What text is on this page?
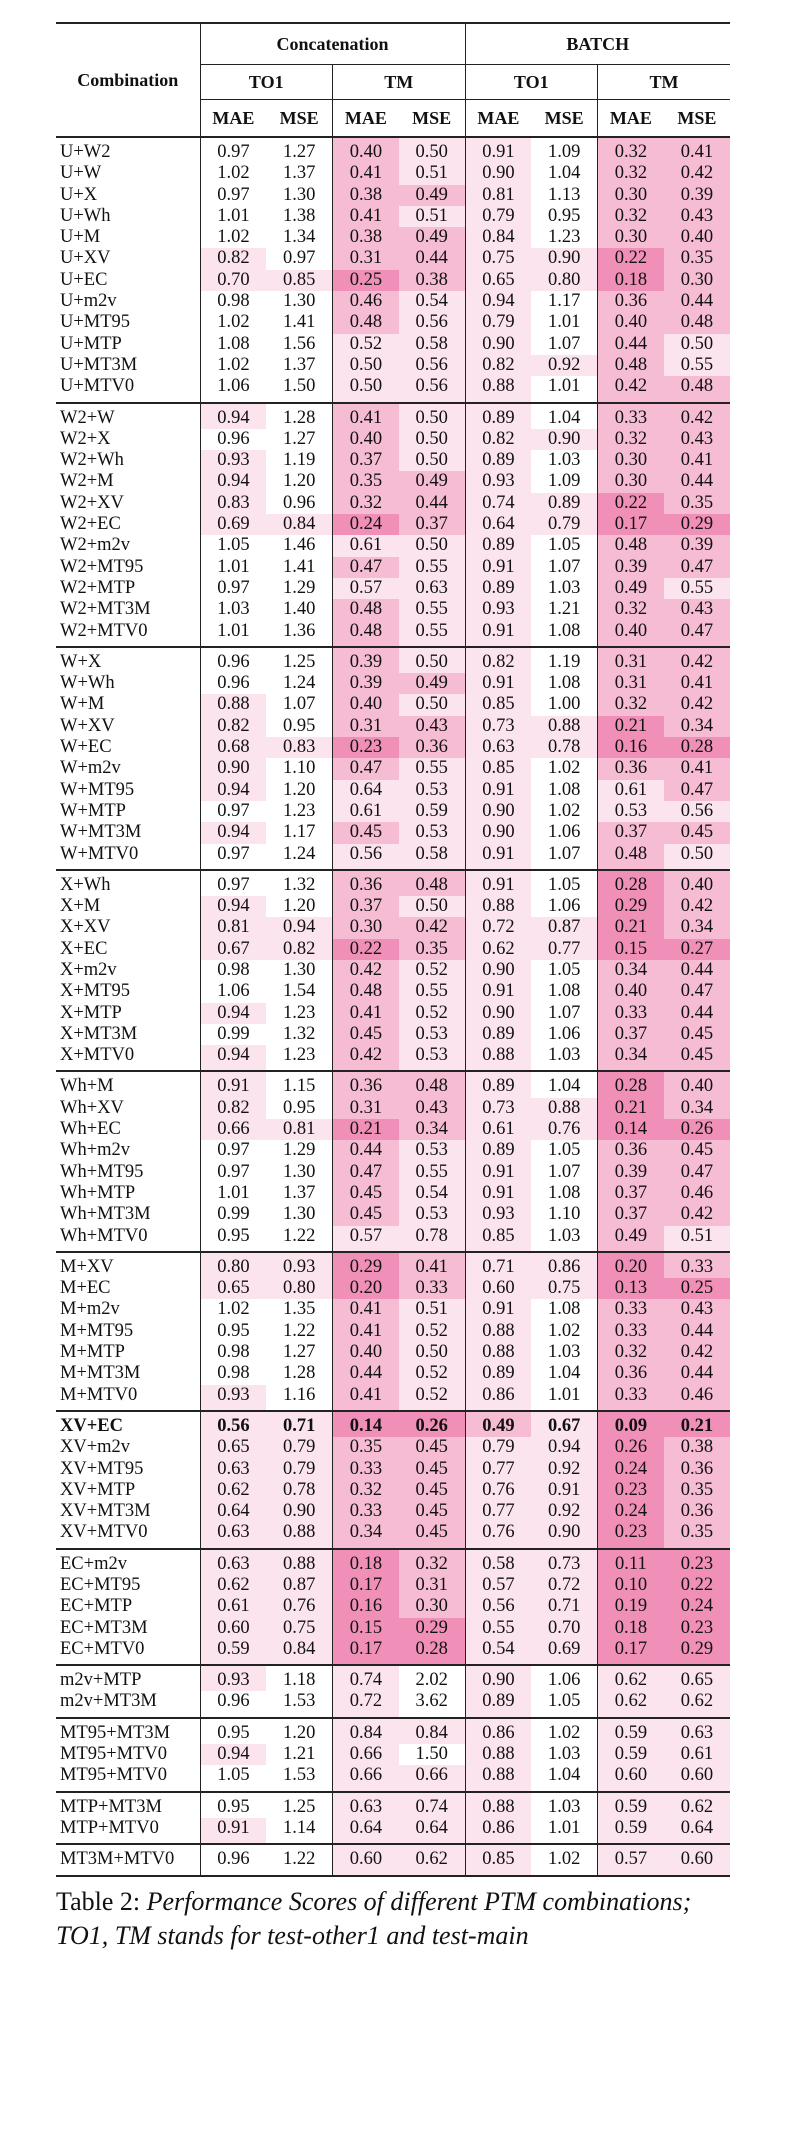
Combination	Concatenation				BATCH			
	TO1		TM		TO1		TM	
	MAE	MSE	MAE	MSE	MAE	MSE	MAE	MSE
U+W2	0.97	1.27	0.40	0.50	0.91	1.09	0.32	0.41
U+W	1.02	1.37	0.41	0.51	0.90	1.04	0.32	0.42
U+X	0.97	1.30	0.38	0.49	0.81	1.13	0.30	0.39
U+Wh	1.01	1.38	0.41	0.51	0.79	0.95	0.32	0.43
U+M	1.02	1.34	0.38	0.49	0.84	1.23	0.30	0.40
U+XV	0.82	0.97	0.31	0.44	0.75	0.90	0.22	0.35
U+EC	0.70	0.85	0.25	0.38	0.65	0.80	0.18	0.30
U+m2v	0.98	1.30	0.46	0.54	0.94	1.17	0.36	0.44
U+MT95	1.02	1.41	0.48	0.56	0.79	1.01	0.40	0.48
U+MTP	1.08	1.56	0.52	0.58	0.90	1.07	0.44	0.50
U+MT3M	1.02	1.37	0.50	0.56	0.82	0.92	0.48	0.55
U+MTV0	1.06	1.50	0.50	0.56	0.88	1.01	0.42	0.48
W2+W	0.94	1.28	0.41	0.50	0.89	1.04	0.33	0.42
W2+X	0.96	1.27	0.40	0.50	0.82	0.90	0.32	0.43
W2+Wh	0.93	1.19	0.37	0.50	0.89	1.03	0.30	0.41
W2+M	0.94	1.20	0.35	0.49	0.93	1.09	0.30	0.44
W2+XV	0.83	0.96	0.32	0.44	0.74	0.89	0.22	0.35
W2+EC	0.69	0.84	0.24	0.37	0.64	0.79	0.17	0.29
W2+m2v	1.05	1.46	0.61	0.50	0.89	1.05	0.48	0.39
W2+MT95	1.01	1.41	0.47	0.55	0.91	1.07	0.39	0.47
W2+MTP	0.97	1.29	0.57	0.63	0.89	1.03	0.49	0.55
W2+MT3M	1.03	1.40	0.48	0.55	0.93	1.21	0.32	0.43
W2+MTV0	1.01	1.36	0.48	0.55	0.91	1.08	0.40	0.47
W+X	0.96	1.25	0.39	0.50	0.82	1.19	0.31	0.42
W+Wh	0.96	1.24	0.39	0.49	0.91	1.08	0.31	0.41
W+M	0.88	1.07	0.40	0.50	0.85	1.00	0.32	0.42
W+XV	0.82	0.95	0.31	0.43	0.73	0.88	0.21	0.34
W+EC	0.68	0.83	0.23	0.36	0.63	0.78	0.16	0.28
W+m2v	0.90	1.10	0.47	0.55	0.85	1.02	0.36	0.41
W+MT95	0.94	1.20	0.64	0.53	0.91	1.08	0.61	0.47
W+MTP	0.97	1.23	0.61	0.59	0.90	1.02	0.53	0.56
W+MT3M	0.94	1.17	0.45	0.53	0.90	1.06	0.37	0.45
W+MTV0	0.97	1.24	0.56	0.58	0.91	1.07	0.48	0.50
X+Wh	0.97	1.32	0.36	0.48	0.91	1.05	0.28	0.40
X+M	0.94	1.20	0.37	0.50	0.88	1.06	0.29	0.42
X+XV	0.81	0.94	0.30	0.42	0.72	0.87	0.21	0.34
X+EC	0.67	0.82	0.22	0.35	0.62	0.77	0.15	0.27
X+m2v	0.98	1.30	0.42	0.52	0.90	1.05	0.34	0.44
X+MT95	1.06	1.54	0.48	0.55	0.91	1.08	0.40	0.47
X+MTP	0.94	1.23	0.41	0.52	0.90	1.07	0.33	0.44
X+MT3M	0.99	1.32	0.45	0.53	0.89	1.06	0.37	0.45
X+MTV0	0.94	1.23	0.42	0.53	0.88	1.03	0.34	0.45
Wh+M	0.91	1.15	0.36	0.48	0.89	1.04	0.28	0.40
Wh+XV	0.82	0.95	0.31	0.43	0.73	0.88	0.21	0.34
Wh+EC	0.66	0.81	0.21	0.34	0.61	0.76	0.14	0.26
Wh+m2v	0.97	1.29	0.44	0.53	0.89	1.05	0.36	0.45
Wh+MT95	0.97	1.30	0.47	0.55	0.91	1.07	0.39	0.47
Wh+MTP	1.01	1.37	0.45	0.54	0.91	1.08	0.37	0.46
Wh+MT3M	0.99	1.30	0.45	0.53	0.93	1.10	0.37	0.42
Wh+MTV0	0.95	1.22	0.57	0.78	0.85	1.03	0.49	0.51
M+XV	0.80	0.93	0.29	0.41	0.71	0.86	0.20	0.33
M+EC	0.65	0.80	0.20	0.33	0.60	0.75	0.13	0.25
M+m2v	1.02	1.35	0.41	0.51	0.91	1.08	0.33	0.43
M+MT95	0.95	1.22	0.41	0.52	0.88	1.02	0.33	0.44
M+MTP	0.98	1.27	0.40	0.50	0.88	1.03	0.32	0.42
M+MT3M	0.98	1.28	0.44	0.52	0.89	1.04	0.36	0.44
M+MTV0	0.93	1.16	0.41	0.52	0.86	1.01	0.33	0.46
XV+EC	0.56	0.71	0.14	0.26	0.49	0.67	0.09	0.21
XV+m2v	0.65	0.79	0.35	0.45	0.79	0.94	0.26	0.38
XV+MT95	0.63	0.79	0.33	0.45	0.77	0.92	0.24	0.36
XV+MTP	0.62	0.78	0.32	0.45	0.76	0.91	0.23	0.35
XV+MT3M	0.64	0.90	0.33	0.45	0.77	0.92	0.24	0.36
XV+MTV0	0.63	0.88	0.34	0.45	0.76	0.90	0.23	0.35
EC+m2v	0.63	0.88	0.18	0.32	0.58	0.73	0.11	0.23
EC+MT95	0.62	0.87	0.17	0.31	0.57	0.72	0.10	0.22
EC+MTP	0.61	0.76	0.16	0.30	0.56	0.71	0.19	0.24
EC+MT3M	0.60	0.75	0.15	0.29	0.55	0.70	0.18	0.23
EC+MTV0	0.59	0.84	0.17	0.28	0.54	0.69	0.17	0.29
m2v+MTP	0.93	1.18	0.74	2.02	0.90	1.06	0.62	0.65
m2v+MT3M	0.96	1.53	0.72	3.62	0.89	1.05	0.62	0.62
MT95+MT3M	0.95	1.20	0.84	0.84	0.86	1.02	0.59	0.63
MT95+MTV0	0.94	1.21	0.66	1.50	0.88	1.03	0.59	0.61
MT95+MTV0	1.05	1.53	0.66	0.66	0.88	1.04	0.60	0.60
MTP+MT3M	0.95	1.25	0.63	0.74	0.88	1.03	0.59	0.62
MTP+MTV0	0.91	1.14	0.64	0.64	0.86	1.01	0.59	0.64
MT3M+MTV0	0.96	1.22	0.60	0.62	0.85	1.02	0.57	0.60
Table 2: Performance Scores of different PTM combinations; TO1, TM stands for test-other1 and test-main
